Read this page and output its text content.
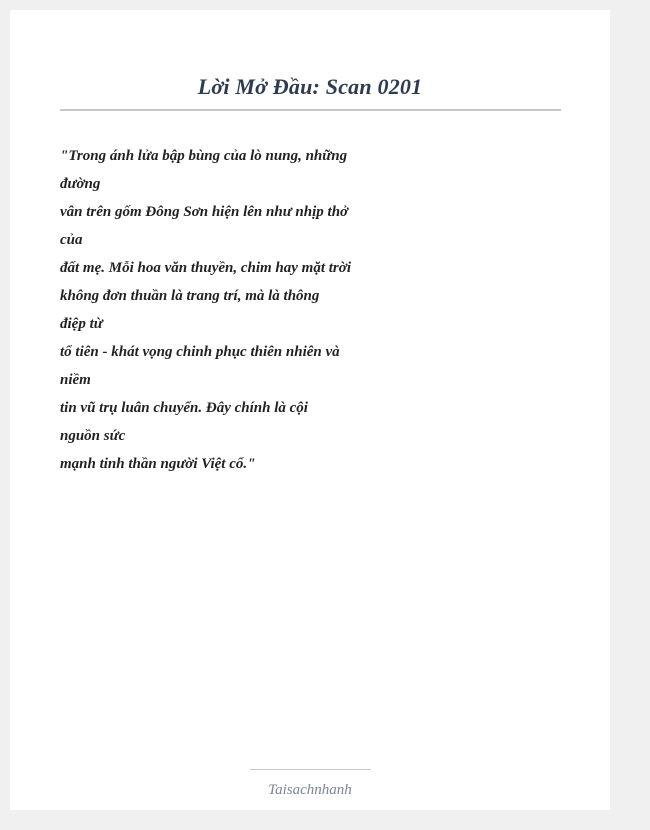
Lời Mở Đầu: Scan 0201

"Trong ánh lửa bập bùng của lò nung, những
đường
vân trên gốm Đông Sơn hiện lên như nhịp thở
của
đất mẹ. Mỗi hoa văn thuyền, chim hay mặt trời
không đơn thuần là trang trí, mà là thông
điệp từ
tổ tiên - khát vọng chinh phục thiên nhiên và
niềm
tin vũ trụ luân chuyển. Đây chính là cội
nguồn sức
mạnh tinh thần người Việt cổ."

Taisachnhanh
